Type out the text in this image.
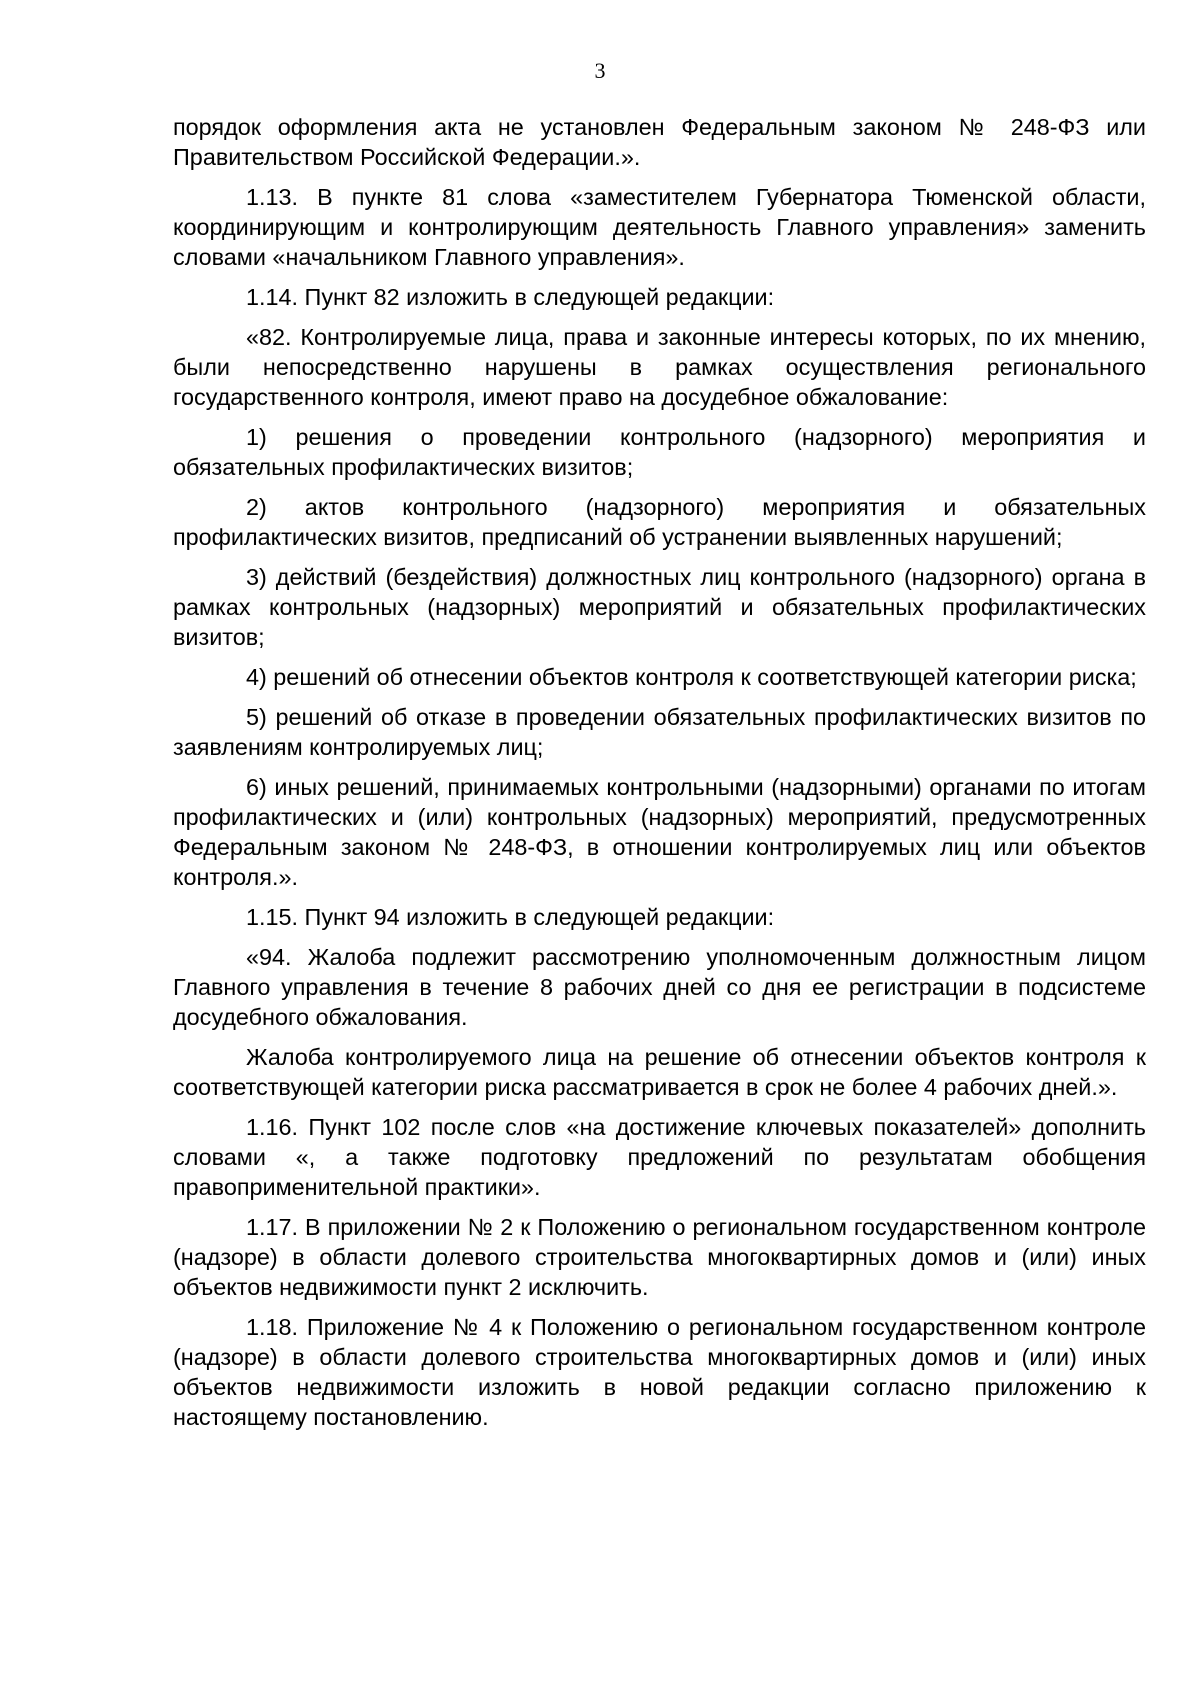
3

порядок оформления акта не установлен Федеральным законом № 248-ФЗ или Правительством Российской Федерации.».

1.13. В пункте 81 слова «заместителем Губернатора Тюменской области, координирующим и контролирующим деятельность Главного управления» заменить словами «начальником Главного управления».

1.14. Пункт 82 изложить в следующей редакции:

«82. Контролируемые лица, права и законные интересы которых, по их мнению, были непосредственно нарушены в рамках осуществления регионального государственного контроля, имеют право на досудебное обжалование:

1) решения о проведении контрольного (надзорного) мероприятия и обязательных профилактических визитов;

2) актов контрольного (надзорного) мероприятия и обязательных профилактических визитов, предписаний об устранении выявленных нарушений;

3) действий (бездействия) должностных лиц контрольного (надзорного) органа в рамках контрольных (надзорных) мероприятий и обязательных профилактических визитов;

4) решений об отнесении объектов контроля к соответствующей категории риска;

5) решений об отказе в проведении обязательных профилактических визитов по заявлениям контролируемых лиц;

6) иных решений, принимаемых контрольными (надзорными) органами по итогам профилактических и (или) контрольных (надзорных) мероприятий, предусмотренных Федеральным законом № 248-ФЗ, в отношении контролируемых лиц или объектов контроля.».

1.15. Пункт 94 изложить в следующей редакции:

«94. Жалоба подлежит рассмотрению уполномоченным должностным лицом Главного управления в течение 8 рабочих дней со дня ее регистрации в подсистеме досудебного обжалования.

Жалоба контролируемого лица на решение об отнесении объектов контроля к соответствующей категории риска рассматривается в срок не более 4 рабочих дней.».

1.16. Пункт 102 после слов «на достижение ключевых показателей» дополнить словами «, а также подготовку предложений по результатам обобщения правоприменительной практики».

1.17. В приложении № 2 к Положению о региональном государственном контроле (надзоре) в области долевого строительства многоквартирных домов и (или) иных объектов недвижимости пункт 2 исключить.

1.18. Приложение № 4 к Положению о региональном государственном контроле (надзоре) в области долевого строительства многоквартирных домов и (или) иных объектов недвижимости изложить в новой редакции согласно приложению к настоящему постановлению.
